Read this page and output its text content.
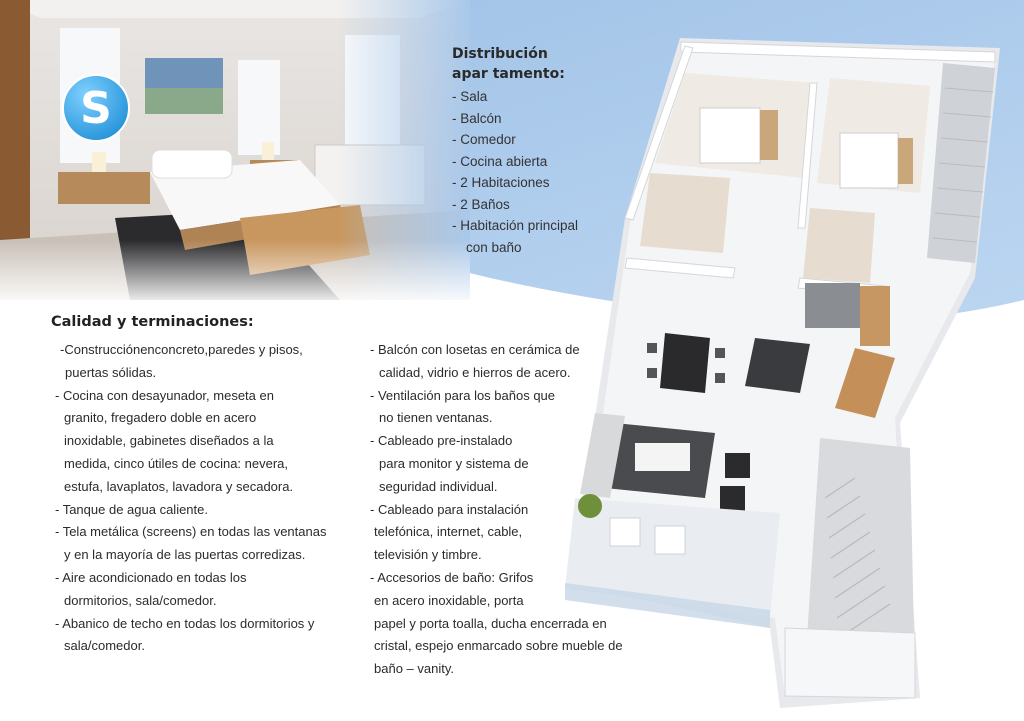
S
Distribución
apar tamento:
- Sala
- Balcón
- Comedor
- Cocina abierta
- 2 Habitaciones
- 2 Baños
- Habitación principal
con baño
Calidad y terminaciones:
-Construcciónenconcreto,paredes y pisos,
puertas sólidas.
- Cocina con desayunador, meseta en
granito, fregadero doble en acero
inoxidable, gabinetes diseñados a la
medida, cinco útiles de cocina: nevera,
estufa, lavaplatos, lavadora y secadora.
- Tanque de agua caliente.
- Tela metálica (screens) en todas las ventanas
y en la mayoría de las puertas corredizas.
- Aire acondicionado en todas los
dormitorios, sala/comedor.
- Abanico de techo en todas los dormitorios y
sala/comedor.
- Balcón con losetas en cerámica de
calidad, vidrio e hierros de acero.
- Ventilación para los baños que
no tienen ventanas.
- Cableado pre-instalado
para monitor y sistema de
seguridad individual.
- Cableado para instalación
telefónica, internet, cable,
televisión y timbre.
- Accesorios de baño: Grifos
en acero inoxidable, porta
papel y porta toalla, ducha encerrada en
cristal, espejo enmarcado sobre mueble de
baño – vanity.
